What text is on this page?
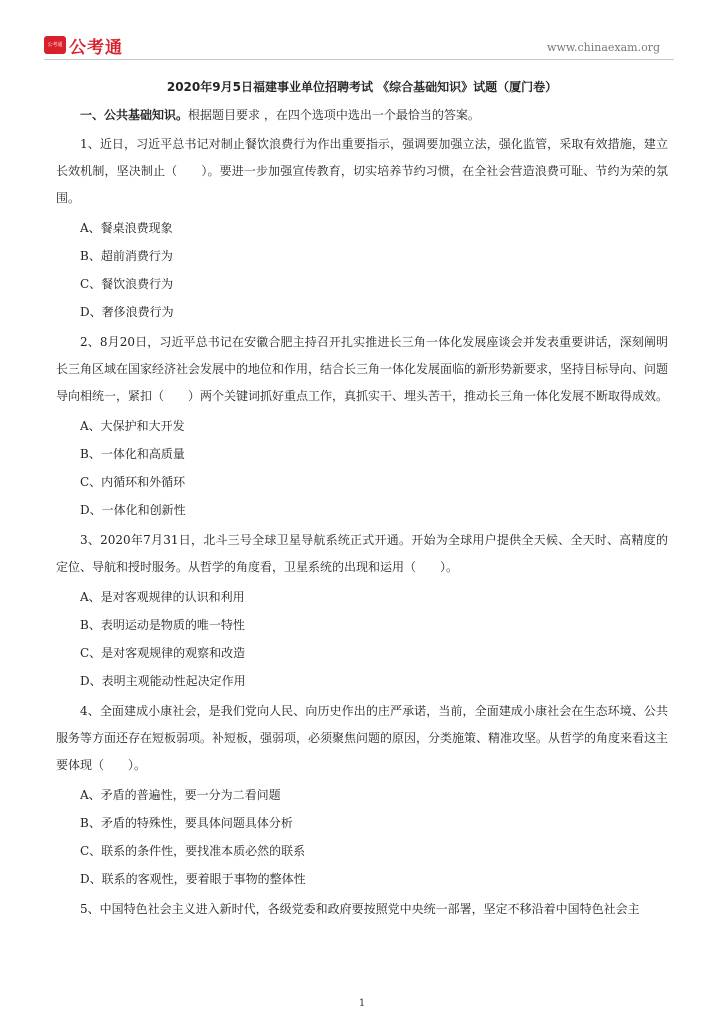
公考通 公考通	www.chinaexam.org
2020年9月5日福建事业单位招聘考试 《综合基础知识》试题（厦门卷）
一、公共基础知识。根据题目要求 ，在四个选项中选出一个最恰当的答案。
1、近日，习近平总书记对制止餐饮浪费行为作出重要指示，强调要加强立法，强化监管，采取有效措施，建立长效机制，坚决制止（　　）。要进一步加强宣传教育，切实培养节约习惯，在全社会营造浪费可耻、节约为荣的氛围。
A、餐桌浪费现象
B、超前消费行为
C、餐饮浪费行为
D、奢侈浪费行为
2、8月20日，习近平总书记在安徽合肥主持召开扎实推进长三角一体化发展座谈会并发表重要讲话，深刻阐明长三角区域在国家经济社会发展中的地位和作用，结合长三角一体化发展面临的新形势新要求，坚持目标导向、问题导向相统一，紧扣（　　）两个关键词抓好重点工作，真抓实干、埋头苦干，推动长三角一体化发展不断取得成效。
A、大保护和大开发
B、一体化和高质量
C、内循环和外循环
D、一体化和创新性
3、2020年7月31日，北斗三号全球卫星导航系统正式开通。开始为全球用户提供全天候、全天时、高精度的定位、导航和授时服务。从哲学的角度看，卫星系统的出现和运用（　　）。
A、是对客观规律的认识和利用
B、表明运动是物质的唯一特性
C、是对客观规律的观察和改造
D、表明主观能动性起决定作用
4、全面建成小康社会，是我们党向人民、向历史作出的庄严承诺，当前，全面建成小康社会在生态环境、公共服务等方面还存在短板弱项。补短板，强弱项，必须聚焦问题的原因，分类施策、精准攻坚。从哲学的角度来看这主要体现（　　）。
A、矛盾的普遍性，要一分为二看问题
B、矛盾的特殊性，要具体问题具体分析
C、联系的条件性，要找准本质必然的联系
D、联系的客观性，要着眼于事物的整体性
5、中国特色社会主义进入新时代，各级党委和政府要按照党中央统一部署，坚定不移沿着中国特色社会主
1
